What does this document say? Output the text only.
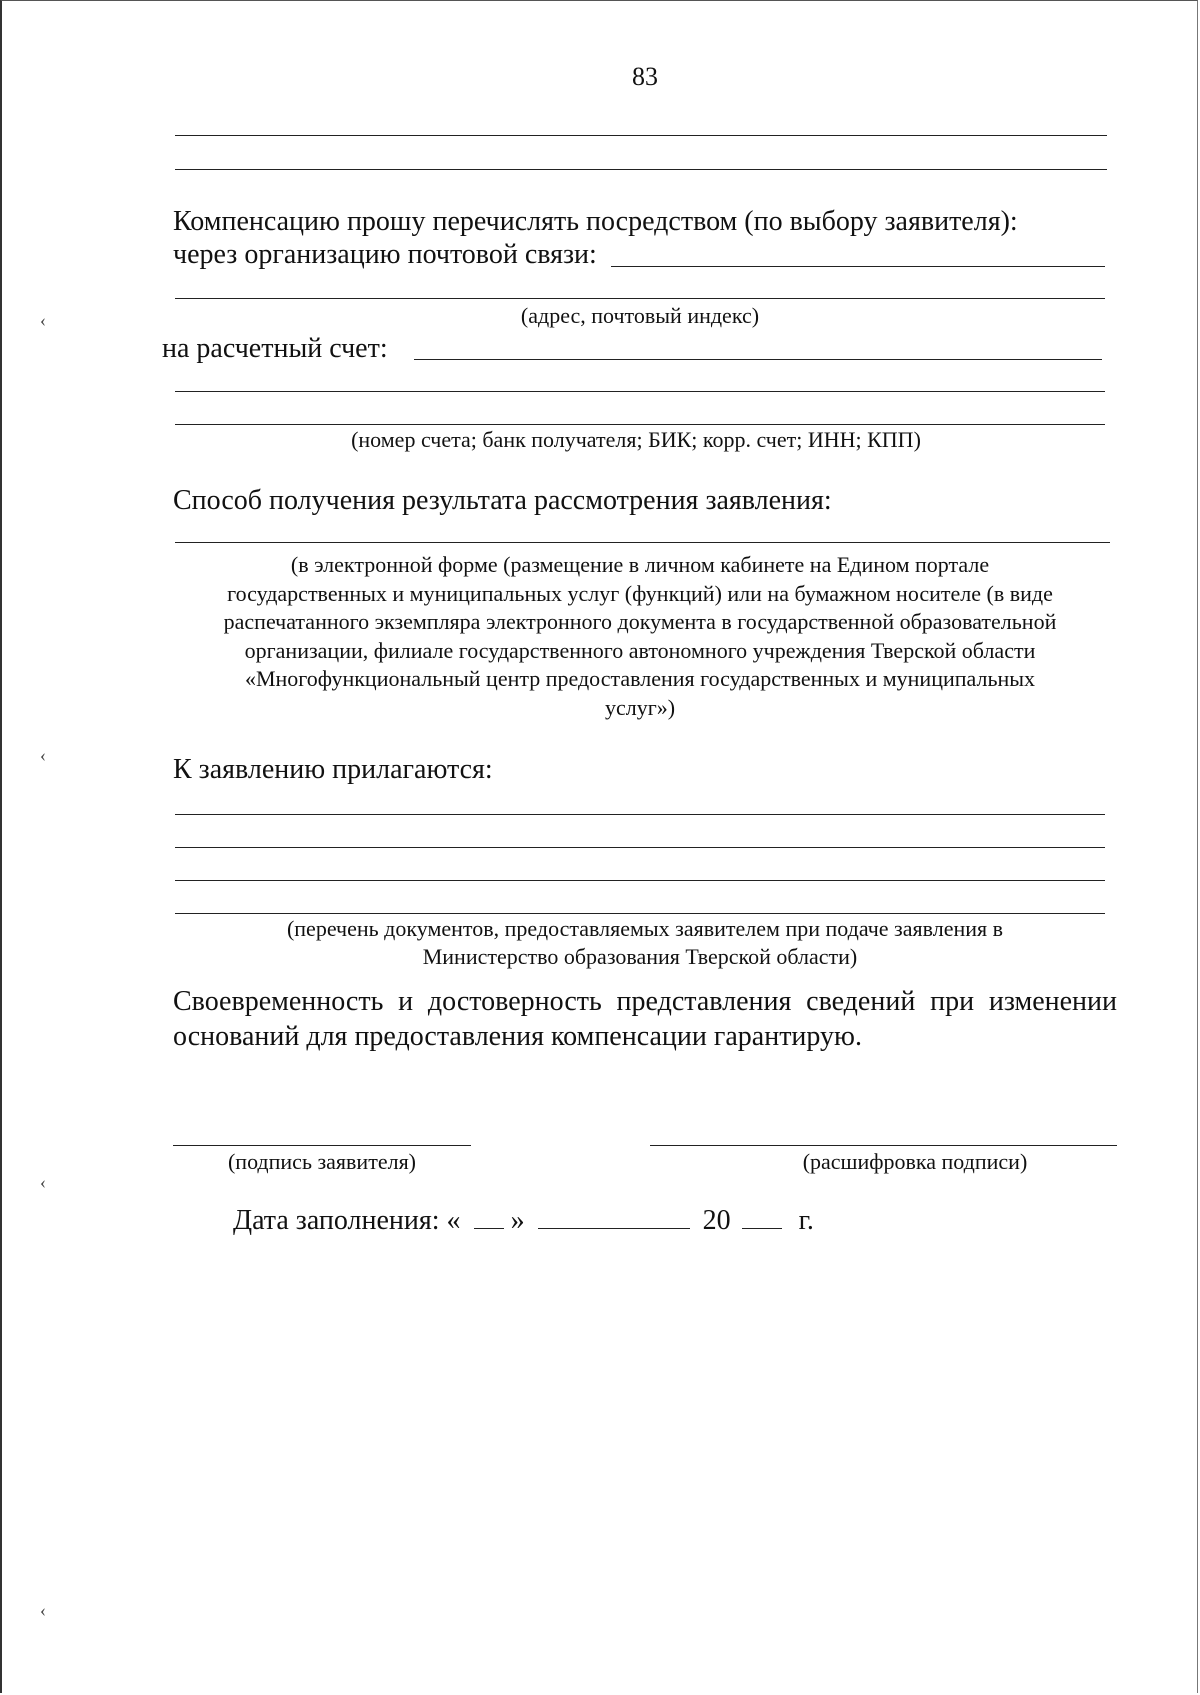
83
Компенсацию прошу перечислять посредством (по выбору заявителя):
через организацию почтовой связи:
(адрес, почтовый индекс)
на расчетный счет:
(номер счета; банк получателя; БИК; корр. счет; ИНН; КПП)
Способ получения результата рассмотрения заявления:
(в электронной форме (размещение в личном кабинете на Едином портале
государственных и муниципальных услуг (функций) или на бумажном носителе (в виде
распечатанного экземпляра электронного документа в государственной образовательной
организации, филиале государственного автономного учреждения Тверской области
«Многофункциональный центр предоставления государственных и муниципальных
услуг»)
К заявлению прилагаются:
(перечень документов, предоставляемых заявителем при подаче заявления в
Министерство образования Тверской области)
Своевременность и достоверность представления сведений при изменении оснований для предоставления компенсации гарантирую.
(подпись заявителя)	(расшифровка подписи)
Дата заполнения: « »	20 г.
‹
‹
‹
‹
